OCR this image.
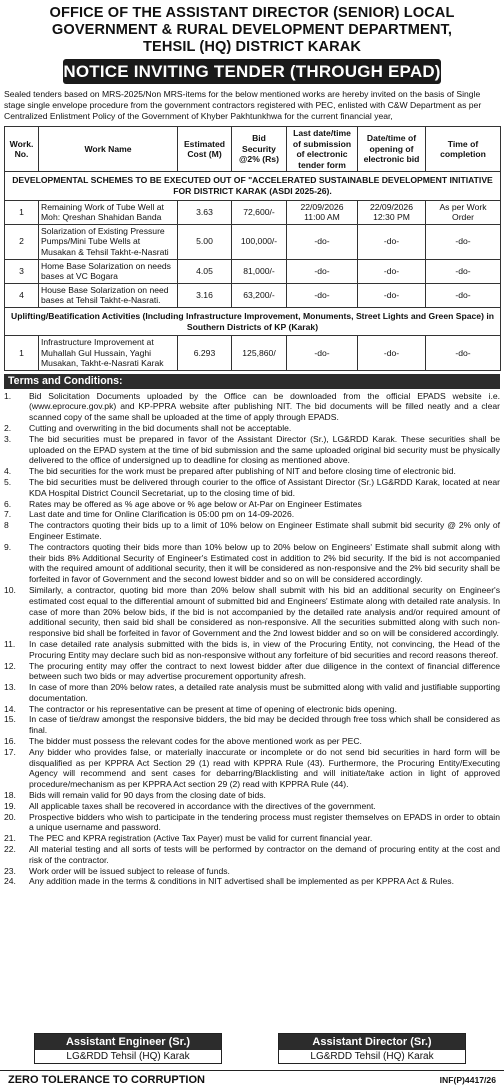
OFFICE OF THE ASSISTANT DIRECTOR (SENIOR) LOCAL
GOVERNMENT & RURAL DEVELOPMENT DEPARTMENT,
TEHSIL (HQ) DISTRICT KARAK
NOTICE INVITING TENDER (THROUGH EPAD)
Sealed tenders based on MRS-2025/Non MRS-items for the below mentioned works are hereby invited on the basis of Single stage single envelope procedure from the government contractors registered with PEC, enlisted with C&W Department as per Centralized Enlistment Policy of the Government of Khyber Pakhtunkhwa for the current financial year,
Work. No.	Work Name	Estimated Cost (M)	Bid Security @2% (Rs)	Last date/time of submission of electronic tender form	Date/time of opening of electronic bid	Time of completion
DEVELOPMENTAL SCHEMES TO BE EXECUTED OUT OF "ACCELERATED SUSTAINABLE DEVELOPMENT INITIATIVE FOR DISTRICT KARAK (ASDI 2025-26).						
1	Remaining Work of Tube Well at Moh: Qreshan Shahidan Banda	3.63	72,600/-	22/09/2026 11:00 AM	22/09/2026 12:30 PM	As per Work Order
2	Solarization of Existing Pressure Pumps/Mini Tube Wells at Musakan & Tehsil Takht-e-Nasrati	5.00	100,000/-	-do-	-do-	-do-
3	Home Base Solarization on needs bases at VC Bogara	4.05	81,000/-	-do-	-do-	-do-
4	House Base Solarization on need bases at Tehsil Takht-e-Nasrati.	3.16	63,200/-	-do-	-do-	-do-
Uplifting/Beatification Activities (Including Infrastructure Improvement, Monuments, Street Lights and Green Space) in Southern Districts of KP (Karak)						
1	Infrastructure Improvement at Muhallah Gul Hussain, Yaghi Musakan, Takht-e-Nasrati Karak	6.293	125,860/	-do-	-do-	-do-
Terms and Conditions:
1.	Bid Solicitation Documents uploaded by the Office can be downloaded from the official EPADS website i.e. (www.eprocure.gov.pk) and KP-PPRA website after publishing NIT. The bid documents will be filled neatly and a clear scanned copy of the same shall be uploaded at the time of apply through EPADS.
2.	Cutting and overwriting in the bid documents shall not be acceptable.
3.	The bid securities must be prepared in favor of the Assistant Director (Sr.), LG&RDD Karak. These securities shall be uploaded on the EPAD system at the time of bid submission and the same uploaded original bid security must be physically delivered to the office of undersigned up to deadline for closing as mentioned above.
4.	The bid securities for the work must be prepared after publishing of NIT and before closing time of electronic bid.
5.	The bid securities must be delivered through courier to the office of Assistant Director (Sr.) LG&RDD Karak, located at near KDA Hospital District Council Secretariat, up to the closing time of bid.
6.	Rates may be offered as % age above or % age below or At-Par on Engineer Estimates
7.	Last date and time for Online Clarification is 05:00 pm on 14-09-2026.
8	The contractors quoting their bids up to a limit of 10% below on Engineer Estimate shall submit bid security @ 2% only of Engineer Estimate.
9.	The contractors quoting their bids more than 10% below up to 20% below on Engineers' Estimate shall submit along with their bids 8% Additional Security of Engineer's Estimated cost in addition to 2% bid security. If the bid is not accompanied with the required amount of additional security, then it will be considered as non-responsive and the 2% bid security shall be forfeited in favor of Government and the second lowest bidder and so on will be considered accordingly.
10.	Similarly, a contractor, quoting bid more than 20% below shall submit with his bid an additional security on Engineer's estimated cost equal to the differential amount of submitted bid and Engineers' Estimate along with detailed rate analysis. In case of more than 20% below bids, if the bid is not accompanied by the detailed rate analysis and/or required amount of additional security, then said bid shall be considered as non-responsive. All the securities submitted along with such non-responsive bid shall be forfeited in favor of Government and the 2nd lowest bidder and so on will be considered accordingly.
11.	In case detailed rate analysis submitted with the bids is, in view of the Procuring Entity, not convincing, the Head of the Procuring Entity may declare such bid as non-responsive without any forfeiture of bid securities and record reasons thereof.
12.	The procuring entity may offer the contract to next lowest bidder after due diligence in the context of financial difference between such two bids or may advertise procurement opportunity afresh.
13.	In case of more than 20% below rates, a detailed rate analysis must be submitted along with valid and justifiable supporting documentation.
14.	The contractor or his representative can be present at time of opening of electronic bids opening.
15.	In case of tie/draw amongst the responsive bidders, the bid may be decided through free toss which shall be considered as final.
16.	The bidder must possess the relevant codes for the above mentioned work as per PEC.
17.	Any bidder who provides false, or materially inaccurate or incomplete or do not send bid securities in hard form will be disqualified as per KPPRA Act Section 29 (1) read with KPPRA Rule (43). Furthermore, the Procuring Entity/Executing Agency will recommend and sent cases for debarring/Blacklisting and will initiate/take action in light of approved procedure/mechanism as per KPPRA Act section 29 (2) read with KPPRA Rule (44).
18.	Bids will remain valid for 90 days from the closing date of bids.
19.	All applicable taxes shall be recovered in accordance with the directives of the government.
20.	Prospective bidders who wish to participate in the tendering process must register themselves on EPADS in order to obtain a unique username and password.
21.	The PEC and KPRA registration (Active Tax Payer) must be valid for current financial year.
22.	All material testing and all sorts of tests will be performed by contractor on the demand of procuring entity at the cost and risk of the contractor.
23.	Work order will be issued subject to release of funds.
24.	Any addition made in the terms & conditions in NIT advertised shall be implemented as per KPPRA Act & Rules.
Assistant Engineer (Sr.)
LG&RDD Tehsil (HQ) Karak
Assistant Director (Sr.)
LG&RDD Tehsil (HQ) Karak
ZERO TOLERANCE TO CORRUPTION	INF(P)4417/26
